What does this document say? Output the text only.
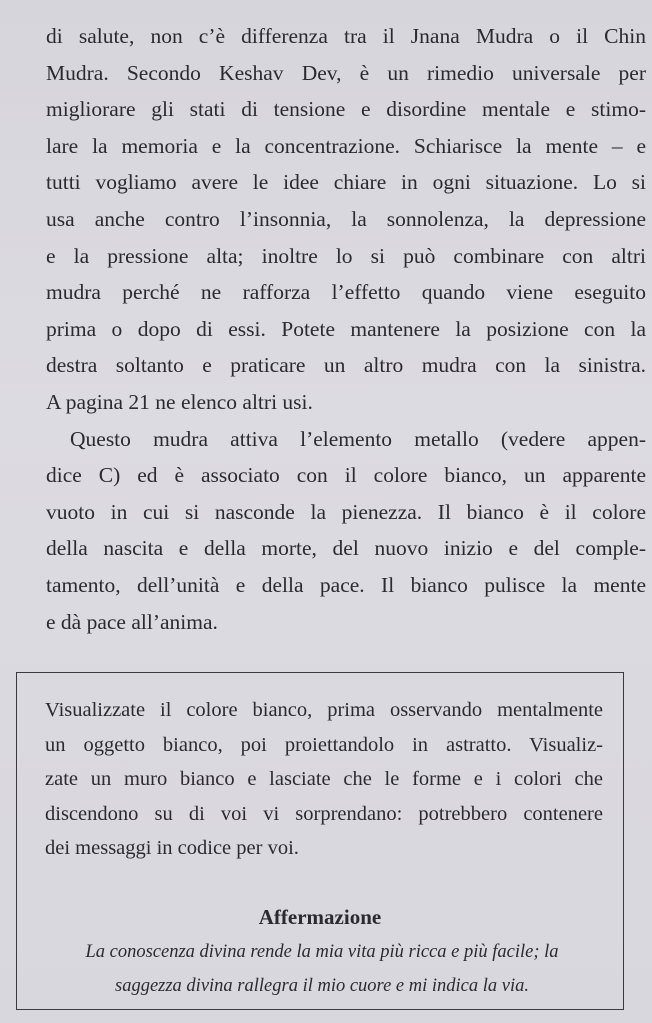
di salute, non c’è differenza tra il Jnana Mudra o il Chin
Mudra. Secondo Keshav Dev, è un rimedio universale per
migliorare gli stati di tensione e disordine mentale e stimo-
lare la memoria e la concentrazione. Schiarisce la mente – e
tutti vogliamo avere le idee chiare in ogni situazione. Lo si
usa anche contro l’insonnia, la sonnolenza, la depressione
e la pressione alta; inoltre lo si può combinare con altri
mudra perché ne rafforza l’effetto quando viene eseguito
prima o dopo di essi. Potete mantenere la posizione con la
destra soltanto e praticare un altro mudra con la sinistra.
A pagina 21 ne elenco altri usi.
Questo mudra attiva l’elemento metallo (vedere appen-
dice C) ed è associato con il colore bianco, un apparente
vuoto in cui si nasconde la pienezza. Il bianco è il colore
della nascita e della morte, del nuovo inizio e del comple-
tamento, dell’unità e della pace. Il bianco pulisce la mente
e dà pace all’anima.
Visualizzate il colore bianco, prima osservando mentalmente
un oggetto bianco, poi proiettandolo in astratto. Visualiz-
zate un muro bianco e lasciate che le forme e i colori che
discendono su di voi vi sorprendano: potrebbero contenere
dei messaggi in codice per voi.
Affermazione
La conoscenza divina rende la mia vita più ricca e più facile; la
saggezza divina rallegra il mio cuore e mi indica la via.
